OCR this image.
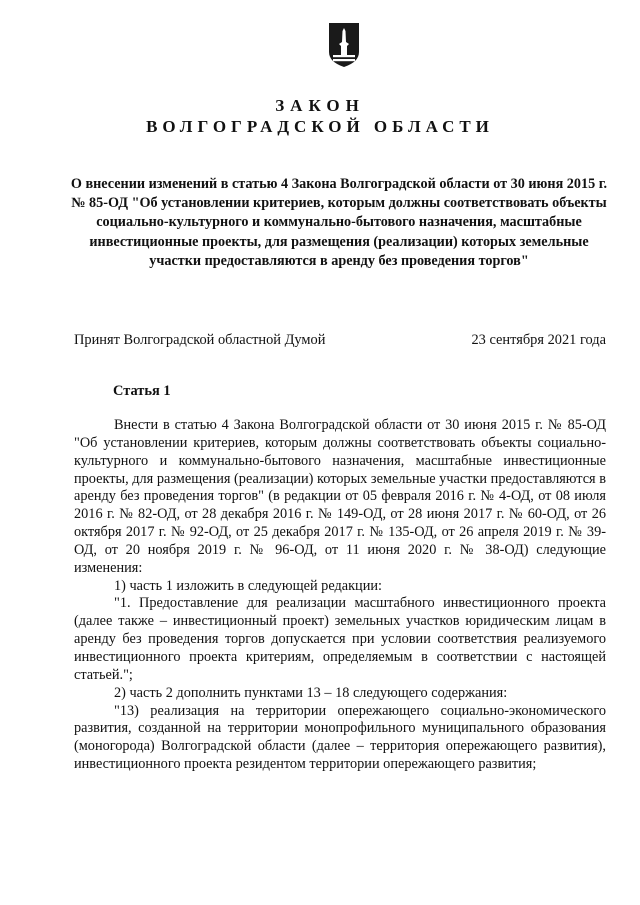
ЗАКОН
ВОЛГОГРАДСКОЙ ОБЛАСТИ
О внесении изменений в статью 4 Закона Волгоградской области от 30 июня 2015 г. № 85-ОД "Об установлении критериев, которым должны соответствовать объекты социально-культурного и коммунально-бытового назначения, масштабные инвестиционные проекты, для размещения (реализации) которых земельные участки предоставляются в аренду без проведения торгов"
Принят Волгоградской областной Думой	23 сентября 2021 года
Статья 1

Внести в статью 4 Закона Волгоградской области от 30 июня 2015 г. № 85-ОД "Об установлении критериев, которым должны соответствовать объекты социально-культурного и коммунально-бытового назначения, масштабные инвестиционные проекты, для размещения (реализации) которых земельные участки предоставляются в аренду без проведения торгов" (в редакции от 05 февраля 2016 г. № 4-ОД, от 08 июля 2016 г. № 82-ОД, от 28 декабря 2016 г. № 149-ОД, от 28 июня 2017 г. № 60-ОД, от 26 октября 2017 г. № 92-ОД, от 25 декабря 2017 г. № 135-ОД, от 26 апреля 2019 г. № 39-ОД, от 20 ноября 2019 г. № 96-ОД, от 11 июня 2020 г. № 38-ОД) следующие изменения:

1) часть 1 изложить в следующей редакции:

"1. Предоставление для реализации масштабного инвестиционного проекта (далее также – инвестиционный проект) земельных участков юридическим лицам в аренду без проведения торгов допускается при условии соответствия реализуемого инвестиционного проекта критериям, определяемым в соответствии с настоящей статьей.";

2) часть 2 дополнить пунктами 13 – 18 следующего содержания:

"13) реализация на территории опережающего социально-экономического развития, созданной на территории монопрофильного муниципального образования (моногорода) Волгоградской области (далее – территория опережающего развития), инвестиционного проекта резидентом территории опережающего развития;
